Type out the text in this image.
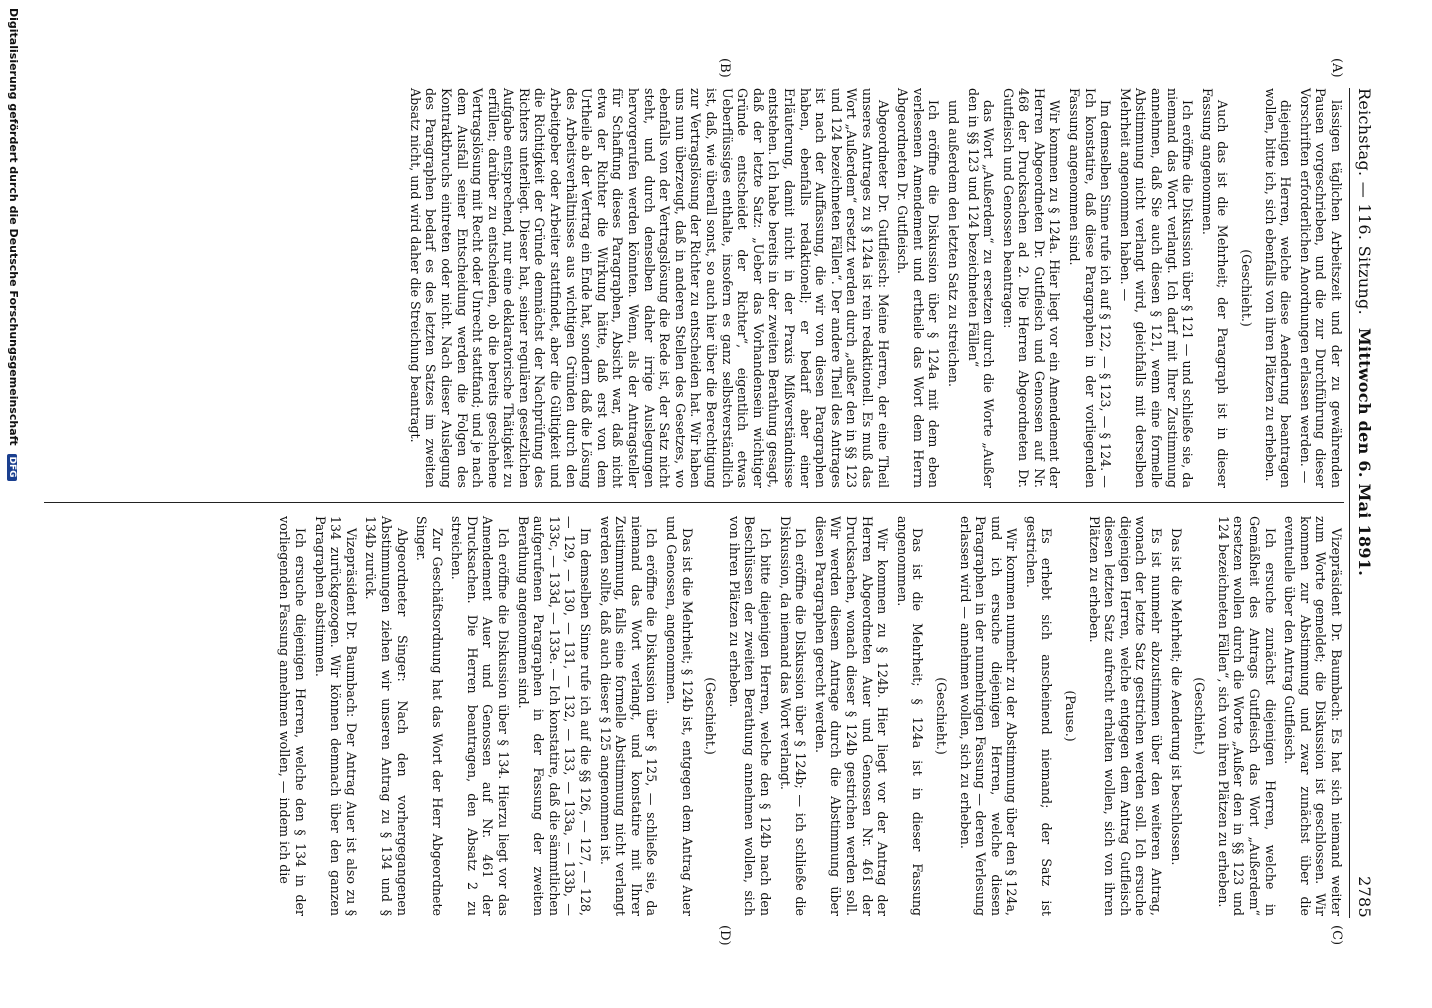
Reichstag. — 116. Sitzung.
Mittwoch den 6. Mai 1891.
2785
(A)
(B)
(C)
(D)

lässigen täglichen Arbeitszeit und der zu gewährenden Pausen vorgeschrieben, und die zur Durchführung dieser Vorschriften erforderlichen Anordnungen erlassen werden. —

diejenigen Herren, welche diese Aenderung beantragen wollen, bitte ich, sich ebenfalls von ihren Plätzen zu erheben.

(Geschieht.)

Auch das ist die Mehrheit; der Paragraph ist in dieser Fassung angenommen.

Ich eröffne die Diskussion über § 121 — und schließe sie, da niemand das Wort verlangt. Ich darf mit Ihrer Zustimmung annehmen, daß Sie auch diesen § 121, wenn eine formelle Abstimmung nicht verlangt wird, gleichfalls mit derselben Mehrheit angenommen haben. —

Im demselben Sinne rufe ich auf § 122, — § 123, — § 124. — Ich konstatire, daß diese Paragraphen in der vorliegenden Fassung angenommen sind.

Wir kommen zu § 124a. Hier liegt vor ein Amendement der Herren Abgeordneten Dr. Gutfleisch und Genossen auf Nr. 468 der Drucksachen ad 2. Die Herren Abgeordneten Dr. Gutfleisch und Genossen beantragen:

das Wort „Außerdem“ zu ersetzen durch die Worte „Außer den in §§ 123 und 124 bezeichneten Fällen“

und außerdem den letzten Satz zu streichen.

Ich eröffne die Diskussion über § 124a mit dem eben verlesenen Amendement und ertheile das Wort dem Herrn Abgeordneten Dr. Gutfleisch.

Abgeordneter Dr. Gutfleisch: Meine Herren, der eine Theil unseres Antrages zu § 124a ist rein redaktionell. Es muß das Wort „Außerdem“ ersetzt werden durch „außer den in §§ 123 und 124 bezeichneten Fällen“. Der andere Theil des Antrages ist nach der Auffassung, die wir von diesen Paragraphen haben, ebenfalls redaktionell; er bedarf aber einer Erläuterung, damit nicht in der Praxis Mißverständnisse entstehen. Ich habe bereits in der zweiten Berathung gesagt, daß der letzte Satz: „Ueber das Vorhandensein wichtiger Gründe entscheidet der Richter“, eigentlich etwas Ueberflüssiges enthalte, insofern es ganz selbstverständlich ist, daß, wie überall sonst, so auch hier über die Berechtigung zur Vertragslösung der Richter zu entscheiden hat. Wir haben uns nun überzeugt, daß in anderen Stellen des Gesetzes, wo ebenfalls von der Vertragslösung die Rede ist, der Satz nicht steht, und durch denselben daher irrige Auslegungen hervorgerufen werden könnten. Wenn, als der Antragsteller für Schaffung dieses Paragraphen, Absicht war, daß nicht etwa der Richter die Wirkung hätte, daß erst von dem Urtheile ab der Vertrag ein Ende hat, sondern daß die Lösung des Arbeitsverhältnisses aus wichtigen Gründen durch den Arbeitgeber oder Arbeiter stattfindet, aber die Gültigkeit und die Richtigkeit der Gründe demnächst der Nachprüfung des Richters unterliegt. Dieser hat, seiner regulären gesetzlichen Aufgabe entsprechend, nur eine deklaratorische Thätigkeit zu erfüllen; darüber zu entscheiden, ob die bereits geschehene Vertragslösung mit Recht oder Unrecht stattfand; und je nach dem Ausfall seiner Entscheidung werden die Folgen des Kontraktbruchs eintreten oder nicht. Nach dieser Auslegung des Paragraphen bedarf es des letzten Satzes im zweiten Absatz nicht, und wird daher die Streichung beantragt.

Vizepräsident Dr. Baumbach: Es hat sich niemand weiter zum Worte gemeldet; die Diskussion ist geschlossen. Wir kommen zur Abstimmung und zwar zunächst über die eventuelle über den Antrag Gutfleisch.

Ich ersuche zunächst diejenigen Herren, welche in Gemäßheit des Antrags Gutfleisch das Wort „Außerdem“ ersetzen wollen durch die Worte „Außer den in §§ 123 und 124 bezeichneten Fällen“, sich von ihren Plätzen zu erheben.

(Geschieht.)

Das ist die Mehrheit; die Aenderung ist beschlossen.

Es ist nunmehr abzustimmen über den weiteren Antrag, wonach der letzte Satz gestrichen werden soll. Ich ersuche diejenigen Herren, welche entgegen dem Antrag Gutfleisch diesen letzten Satz aufrecht erhalten wollen, sich von ihren Plätzen zu erheben.

(Pause.)

Es erhebt sich anscheinend niemand; der Satz ist gestrichen.

Wir kommen nunmehr zu der Abstimmung über den § 124a, und ich ersuche diejenigen Herren, welche diesen Paragraphen in der nunmehrigen Fassung — deren Verlesung erlassen wird — annehmen wollen, sich zu erheben.

(Geschieht.)

Das ist die Mehrheit; § 124a ist in dieser Fassung angenommen.

Wir kommen zu § 124b. Hier liegt vor der Antrag der Herren Abgeordneten Auer und Genossen Nr. 461 der Drucksachen, wonach dieser § 124b gestrichen werden soll. Wir werden diesem Antrage durch die Abstimmung über diesen Paragraphen gerecht werden.

Ich eröffne die Diskussion über § 124b; — ich schließe die Diskussion, da niemand das Wort verlangt.

Ich bitte diejenigen Herren, welche den § 124b nach den Beschlüssen der zweiten Berathung annehmen wollen, sich von ihren Plätzen zu erheben.

(Geschieht.)

Das ist die Mehrheit; § 124b ist, entgegen dem Antrag Auer und Genossen, angenommen.

Ich eröffne die Diskussion über § 125, — schließe sie, da niemand das Wort verlangt, und konstatire mit Ihrer Zustimmung, falls eine formelle Abstimmung nicht verlangt werden sollte, daß auch dieser § 125 angenommen ist.

Im demselben Sinne rufe ich auf die §§ 126, — 127, — 128, — 129, — 130, — 131, — 132, — 133, — 133a, — 133b, — 133c, — 133d, — 133e. — Ich konstatire, daß die sämmtlichen aufgerufenen Paragraphen in der Fassung der zweiten Berathung angenommen sind.

Ich eröffne die Diskussion über § 134. Hierzu liegt vor das Amendement Auer und Genossen auf Nr. 461 der Drucksachen. Die Herren beantragen, den Absatz 2 zu streichen.

Zur Geschäftsordnung hat das Wort der Herr Abgeordnete Singer.

Abgeordneter Singer: Nach den vorhergegangenen Abstimmungen ziehen wir unseren Antrag zu § 134 und § 134b zurück.

Vizepräsident Dr. Baumbach: Der Antrag Auer ist also zu § 134 zurückgezogen. Wir können demnach über den ganzen Paragraphen abstimmen.

Ich ersuche diejenigen Herren, welche den § 134 in der vorliegenden Fassung annehmen wollen, — indem ich die

Digitalisierung gefördert durch die Deutsche Forschungsgemeinschaft DFG
